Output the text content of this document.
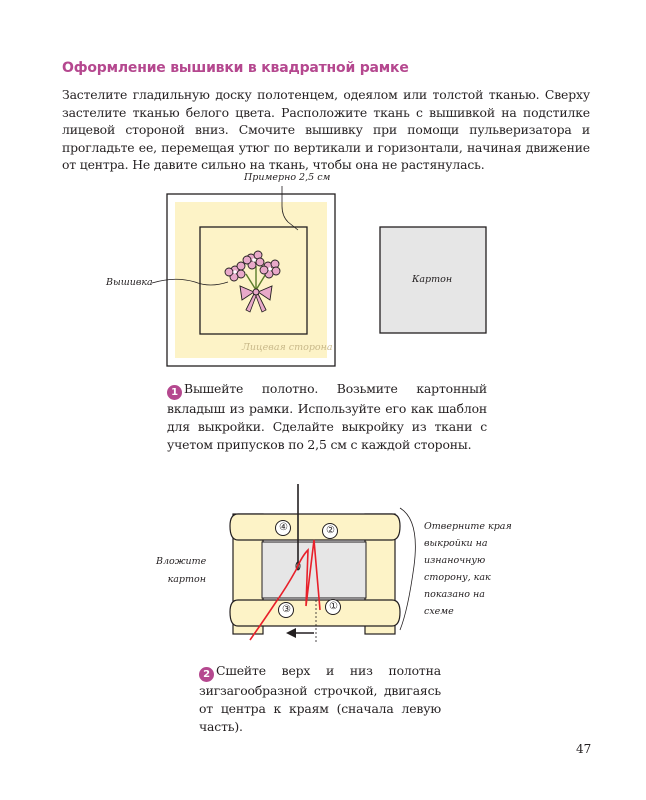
Оформление вышивки в квадратной рамке
Застелите гладильную доску полотенцем, одеялом или толстой тканью. Сверху застелите тканью белого цвета. Расположите ткань с вышивкой на подстилке лицевой стороной вниз. Смочите вышивку при помощи пульверизатора и прогладьте ее, перемещая утюг по вертикали и горизонтали, начиная движение от центра. Не давите сильно на ткань, чтобы она не растянулась.
Примерно 2,5 см
Вышивка
Лицевая сторона
Картон
1 Вышейте полотно. Возьмите картонный вкладыш из рамки. Используйте его как шаблон для выкройки. Сделайте выкройку из ткани с учетом припусков по 2,5 см с каждой стороны.
④	②
③	①
Вложите картон
Отверните края выкройки на изнаночную сторону, как показано на схеме
2 Сшейте верх и низ полотна зигзагообразной строчкой, двигаясь от центра к краям (сначала левую часть).
47
